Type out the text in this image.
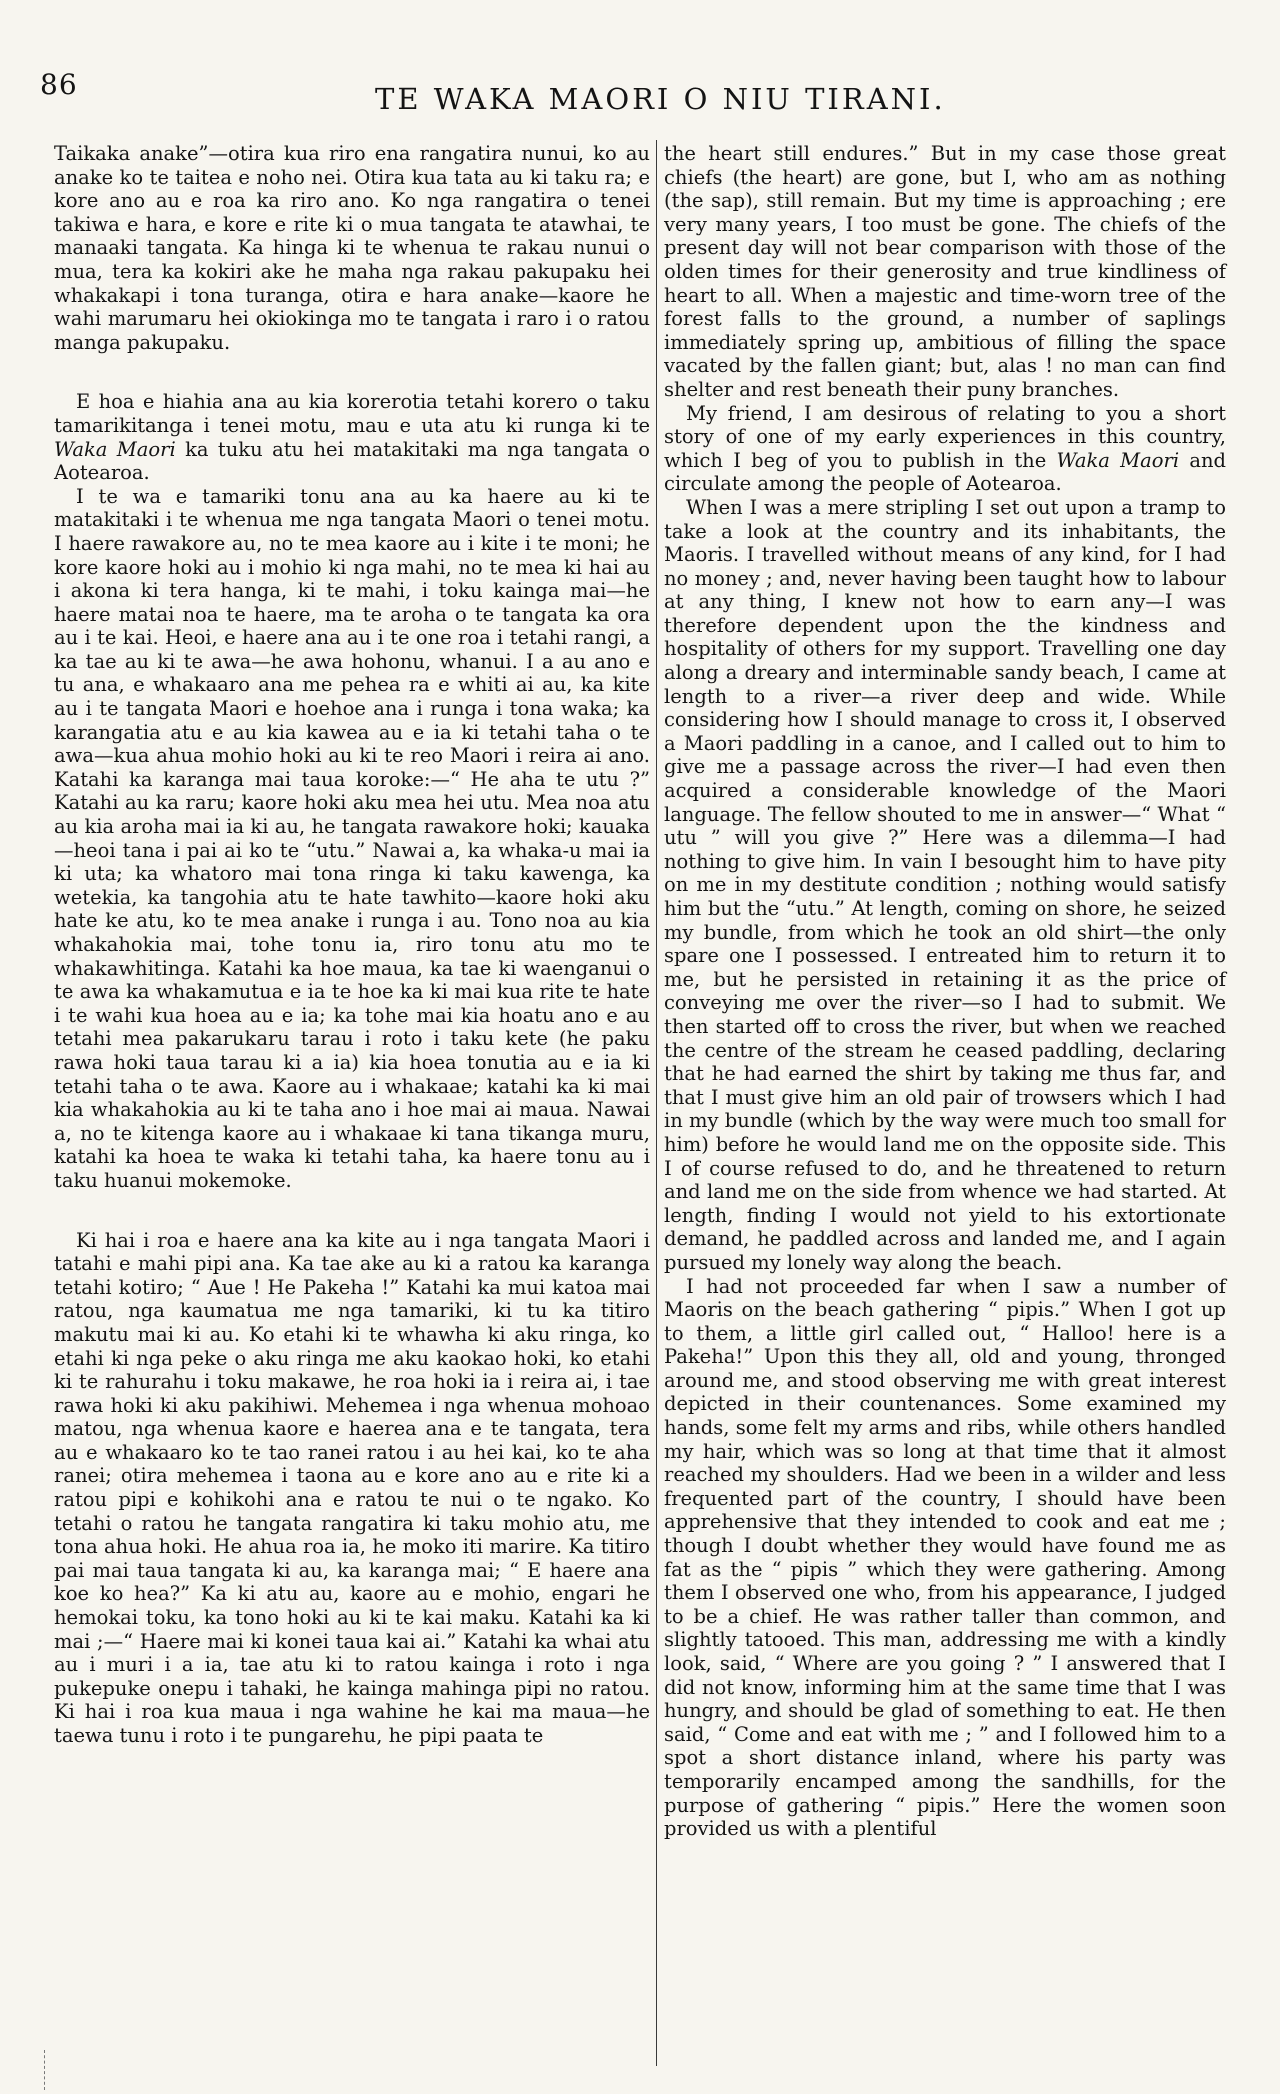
86	TE WAKA MAORI O NIU TIRANI.

Taikaka anake”—otira kua riro ena rangatira nunui, ko au anake ko te taitea e noho nei. Otira kua tata au ki taku ra; e kore ano au e roa ka riro ano. Ko nga rangatira o tenei takiwa e hara, e kore e rite ki o mua tangata te atawhai, te manaaki tangata. Ka hinga ki te whenua te rakau nunui o mua, tera ka kokiri ake he maha nga rakau pakupaku hei whakakapi i tona turanga, otira e hara anake—kaore he wahi marumaru hei okiokinga mo te tangata i raro i o ratou manga pakupaku.

E hoa e hiahia ana au kia korerotia tetahi korero o taku tamarikitanga i tenei motu, mau e uta atu ki runga ki te Waka Maori ka tuku atu hei matakitaki ma nga tangata o Aotearoa.

I te wa e tamariki tonu ana au ka haere au ki te matakitaki i te whenua me nga tangata Maori o tenei motu. I haere rawakore au, no te mea kaore au i kite i te moni; he kore kaore hoki au i mohio ki nga mahi, no te mea ki hai au i akona ki tera hanga, ki te mahi, i toku kainga mai—he haere matai noa te haere, ma te aroha o te tangata ka ora au i te kai. Heoi, e haere ana au i te one roa i tetahi rangi, a ka tae au ki te awa—he awa hohonu, whanui. I a au ano e tu ana, e whakaaro ana me pehea ra e whiti ai au, ka kite au i te tangata Maori e hoehoe ana i runga i tona waka; ka karangatia atu e au kia kawea au e ia ki tetahi taha o te awa—kua ahua mohio hoki au ki te reo Maori i reira ai ano. Katahi ka karanga mai taua koroke:—“ He aha te utu ?” Katahi au ka raru; kaore hoki aku mea hei utu. Mea noa atu au kia aroha mai ia ki au, he tangata rawakore hoki; kauaka—heoi tana i pai ai ko te “utu.” Nawai a, ka whaka-u mai ia ki uta; ka whatoro mai tona ringa ki taku kawenga, ka wetekia, ka tangohia atu te hate tawhito—kaore hoki aku hate ke atu, ko te mea anake i runga i au. Tono noa au kia whakahokia mai, tohe tonu ia, riro tonu atu mo te whakawhitinga. Katahi ka hoe maua, ka tae ki waenganui o te awa ka whakamutua e ia te hoe ka ki mai kua rite te hate i te wahi kua hoea au e ia; ka tohe mai kia hoatu ano e au tetahi mea pakarukaru tarau i roto i taku kete (he paku rawa hoki taua tarau ki a ia) kia hoea tonutia au e ia ki tetahi taha o te awa. Kaore au i whakaae; katahi ka ki mai kia whakahokia au ki te taha ano i hoe mai ai maua. Nawai a, no te kitenga kaore au i whakaae ki tana tikanga muru, katahi ka hoea te waka ki tetahi taha, ka haere tonu au i taku huanui mokemoke.

Ki hai i roa e haere ana ka kite au i nga tangata Maori i tatahi e mahi pipi ana. Ka tae ake au ki a ratou ka karanga tetahi kotiro; “ Aue ! He Pakeha !” Katahi ka mui katoa mai ratou, nga kaumatua me nga tamariki, ki tu ka titiro makutu mai ki au. Ko etahi ki te whawha ki aku ringa, ko etahi ki nga peke o aku ringa me aku kaokao hoki, ko etahi ki te rahurahu i toku makawe, he roa hoki ia i reira ai, i tae rawa hoki ki aku pakihiwi. Mehemea i nga whenua mohoao matou, nga whenua kaore e haerea ana e te tangata, tera au e whakaaro ko te tao ranei ratou i au hei kai, ko te aha ranei; otira mehemea i taona au e kore ano au e rite ki a ratou pipi e kohikohi ana e ratou te nui o te ngako. Ko tetahi o ratou he tangata rangatira ki taku mohio atu, me tona ahua hoki. He ahua roa ia, he moko iti marire. Ka titiro pai mai taua tangata ki au, ka karanga mai; “ E haere ana koe ko hea?” Ka ki atu au, kaore au e mohio, engari he hemokai toku, ka tono hoki au ki te kai maku. Katahi ka ki mai ;—“ Haere mai ki konei taua kai ai.” Katahi ka whai atu au i muri i a ia, tae atu ki to ratou kainga i roto i nga pukepuke onepu i tahaki, he kainga mahinga pipi no ratou. Ki hai i roa kua maua i nga wahine he kai ma maua—he taewa tunu i roto i te pungarehu, he pipi paata te

the heart still endures.” But in my case those great chiefs (the heart) are gone, but I, who am as nothing (the sap), still remain. But my time is approaching ; ere very many years, I too must be gone. The chiefs of the present day will not bear comparison with those of the olden times for their generosity and true kindliness of heart to all. When a majestic and time-worn tree of the forest falls to the ground, a number of saplings immediately spring up, ambitious of filling the space vacated by the fallen giant; but, alas ! no man can find shelter and rest beneath their puny branches.

My friend, I am desirous of relating to you a short story of one of my early experiences in this country, which I beg of you to publish in the Waka Maori and circulate among the people of Aotearoa.

When I was a mere stripling I set out upon a tramp to take a look at the country and its inhabitants, the Maoris. I travelled without means of any kind, for I had no money ; and, never having been taught how to labour at any thing, I knew not how to earn any—I was therefore dependent upon the the kindness and hospitality of others for my support. Travelling one day along a dreary and interminable sandy beach, I came at length to a river—a river deep and wide. While considering how I should manage to cross it, I observed a Maori paddling in a canoe, and I called out to him to give me a passage across the river—I had even then acquired a considerable knowledge of the Maori language. The fellow shouted to me in answer—“ What “ utu ” will you give ?” Here was a dilemma—I had nothing to give him. In vain I besought him to have pity on me in my destitute condition ; nothing would satisfy him but the “utu.” At length, coming on shore, he seized my bundle, from which he took an old shirt—the only spare one I possessed. I entreated him to return it to me, but he persisted in retaining it as the price of conveying me over the river—so I had to submit. We then started off to cross the river, but when we reached the centre of the stream he ceased paddling, declaring that he had earned the shirt by taking me thus far, and that I must give him an old pair of trowsers which I had in my bundle (which by the way were much too small for him) before he would land me on the opposite side. This I of course refused to do, and he threatened to return and land me on the side from whence we had started. At length, finding I would not yield to his extortionate demand, he paddled across and landed me, and I again pursued my lonely way along the beach.

I had not proceeded far when I saw a number of Maoris on the beach gathering “ pipis.” When I got up to them, a little girl called out, “ Halloo! here is a Pakeha!” Upon this they all, old and young, thronged around me, and stood observing me with great interest depicted in their countenances. Some examined my hands, some felt my arms and ribs, while others handled my hair, which was so long at that time that it almost reached my shoulders. Had we been in a wilder and less frequented part of the country, I should have been apprehensive that they intended to cook and eat me ; though I doubt whether they would have found me as fat as the “ pipis ” which they were gathering. Among them I observed one who, from his appearance, I judged to be a chief. He was rather taller than common, and slightly tatooed. This man, addressing me with a kindly look, said, “ Where are you going ? ” I answered that I did not know, informing him at the same time that I was hungry, and should be glad of something to eat. He then said, “ Come and eat with me ; ” and I followed him to a spot a short distance inland, where his party was temporarily encamped among the sandhills, for the purpose of gathering “ pipis.” Here the women soon provided us with a plentiful
